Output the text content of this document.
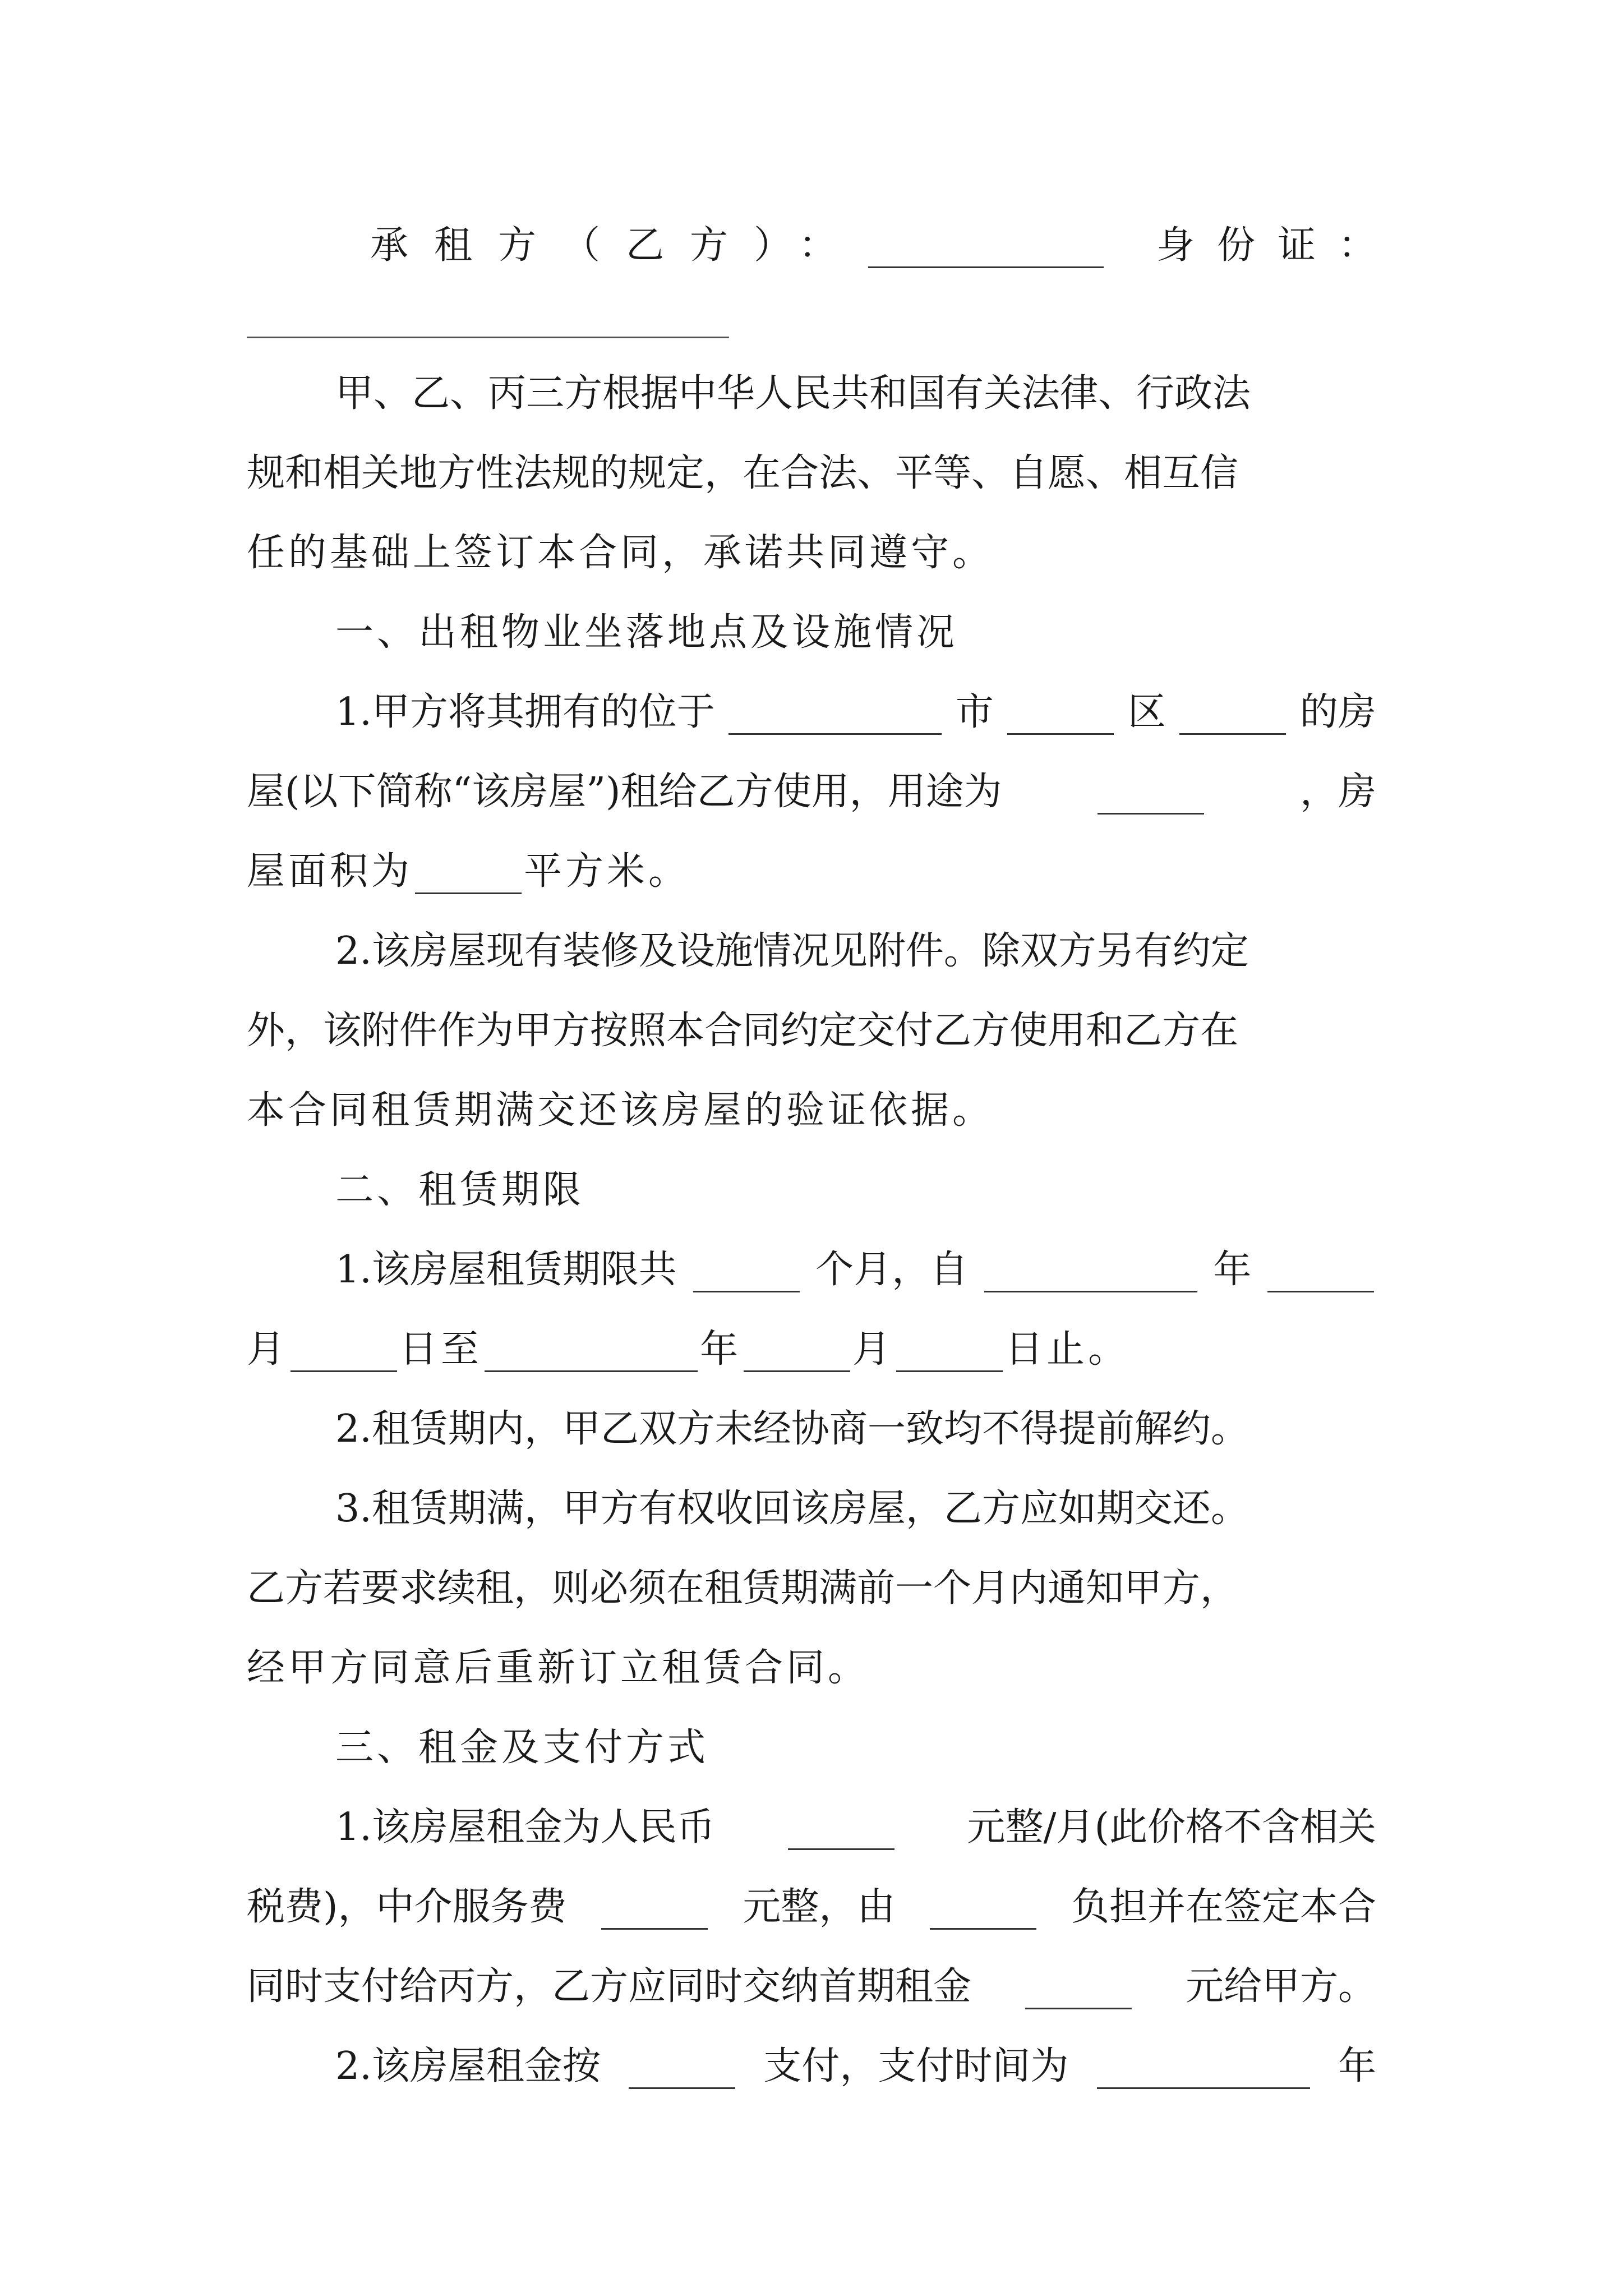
承租方（乙方）：	身份证：
甲、乙、丙三方根据中华人民共和国有关法律、行政法
规和相关地方性法规的规定，在合法、平等、自愿、相互信
任的基础上签订本合同，承诺共同遵守。
一、出租物业坐落地点及设施情况
1.甲方将其拥有的位于	市	区	的房
屋(以下简称“该房屋”)租给乙方使用，用途为	，房
屋面积为	平方米。
2.该房屋现有装修及设施情况见附件。除双方另有约定
外，该附件作为甲方按照本合同约定交付乙方使用和乙方在
本合同租赁期满交还该房屋的验证依据。
二、租赁期限
1.该房屋租赁期限共	个月，自	年
月	日至	年	月	日止。
2.租赁期内，甲乙双方未经协商一致均不得提前解约。
3.租赁期满，甲方有权收回该房屋，乙方应如期交还。
乙方若要求续租，则必须在租赁期满前一个月内通知甲方，
经甲方同意后重新订立租赁合同。
三、租金及支付方式
1.该房屋租金为人民币	元整/月(此价格不含相关
税费)，中介服务费	元整，由	负担并在签定本合
同时支付给丙方，乙方应同时交纳首期租金	元给甲方。
2.该房屋租金按	支付，支付时间为	年
